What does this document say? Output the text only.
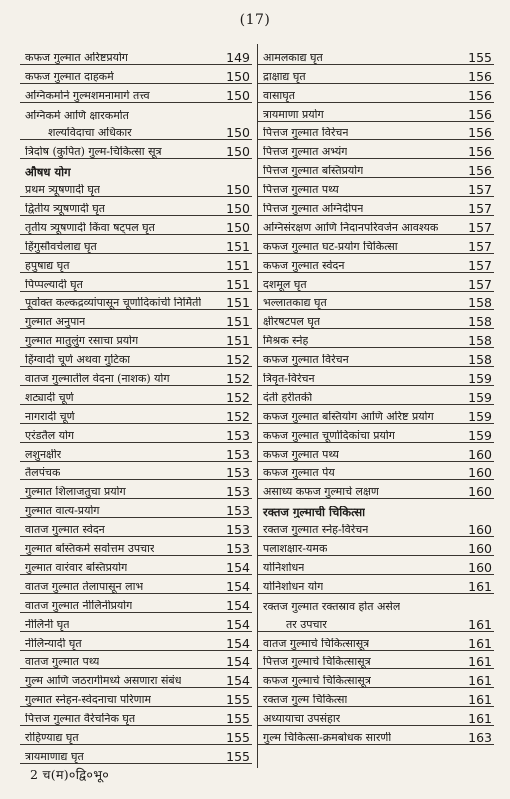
(17)
कफज गुल्मात अरिष्टप्रयोग	149
कफज गुल्मात दाहकर्म	150
अग्निकर्माने गुल्मशमनामागे तत्त्व	150
अग्निकर्म आणि क्षारकर्मात
शल्यविदाचा अधिकार	150
त्रिदोष (कुपित) गुल्म-चिकित्सा सूत्र	150
औषध योग
प्रथम त्र्यूषणादी घृत	150
द्वितीय त्र्यूषणादी घृत	150
तृतीय त्र्यूषणादी किंवा षट्पल घृत	150
हिंगुसौवर्चलाद्य घृत	151
हपुषाद्य घृत	151
पिप्पल्यादी घृत	151
पूर्वोक्त कल्कद्रव्यांपासून चूर्णादिकांची निर्मिती 151
गुल्मात अनुपान	151
गुल्मात मातुलुंग रसाचा प्रयोग	151
हिंग्वादी चूर्ण अथवा गुटिका	152
वातज गुल्मातील वेदना (नाशक) योग	152
शट्यादी चूर्ण	152
नागरादी चूर्ण	152
एरंडतैल योग	153
लशुनक्षीर	153
तैलपंचक	153
गुल्मात शिलाजतुचा प्रयोग	153
गुल्मात वात्य-प्रयोग	153
वातज गुल्मात स्वेदन	153
गुल्मात बस्तिकर्म सर्वोत्तम उपचार	153
गुल्मात वारंवार बस्तिप्रयोग	154
वातज गुल्मात तेलापासून लाभ	154
वातज गुल्मात नीलिनीप्रयोग	154
नीलिनी घृत	154
नीलिन्यादी घृत	154
वातज गुल्मात पथ्य	154
गुल्म आणि जठरागीमध्ये असणारा संबंध	154
गुल्मात स्नेहन-स्वेदनाचा परिणाम	155
पित्तज गुल्मात वैरेचनिक घृत	155
रोहिण्याद्य घृत	155
त्रायमाणाद्य घृत	155
आमलकाद्य घृत	155
द्राक्षाद्य घृत	156
वासाघृत	156
त्रायमाणा प्रयोग	156
पित्तज गुल्मात विरेचन	156
पित्तज गुल्मात अभ्यंग	156
पित्तज गुल्मात बस्तिप्रयोग	156
पित्तज गुल्मात पथ्य	157
पित्तज गुल्मात अग्निदीपन	157
अग्निसंरक्षण आणि निदानपरिवर्जन आवश्यक 157
कफज गुल्मात घट-प्रयोग चिकित्सा	157
कफज गुल्मात स्वेदन	157
दशमूल घृत	157
भल्लातकाद्य घृत	158
क्षीरषटपल घृत	158
मिश्रक स्नेह	158
कफज गुल्मात विरेचन	158
त्रिवृत-विरेचन	159
दंती हरीतकी	159
कफज गुल्मात बस्तियोग आणि अरिष्ट प्रयोग	159
कफज गुल्मात चूर्णादिकांचा प्रयोग	159
कफज गुल्मात पथ्य	160
कफज गुल्मात पेय	160
असाध्य कफज गुल्माचे लक्षण	160
रक्तज गुल्माची चिकित्सा
रक्तज गुल्मात स्नेह-विरेचन	160
पलाशक्षार-यमक	160
योनिशोधन	160
योनिशोधन योग	161
रक्तज गुल्मात रक्तस्राव होत असेल
तर उपचार	161
वातज गुल्माचे चिकित्सासूत्र	161
पित्तज गुल्माचे चिकित्सासूत्र	161
कफज गुल्माचे चिकित्सासूत्र	161
रक्तज गुल्म चिकित्सा	161
अध्यायाचा उपसंहार	161
गुल्म चिकित्सा-क्रमबोधक सारणी	163
2 च(म)०द्वि०भू०
